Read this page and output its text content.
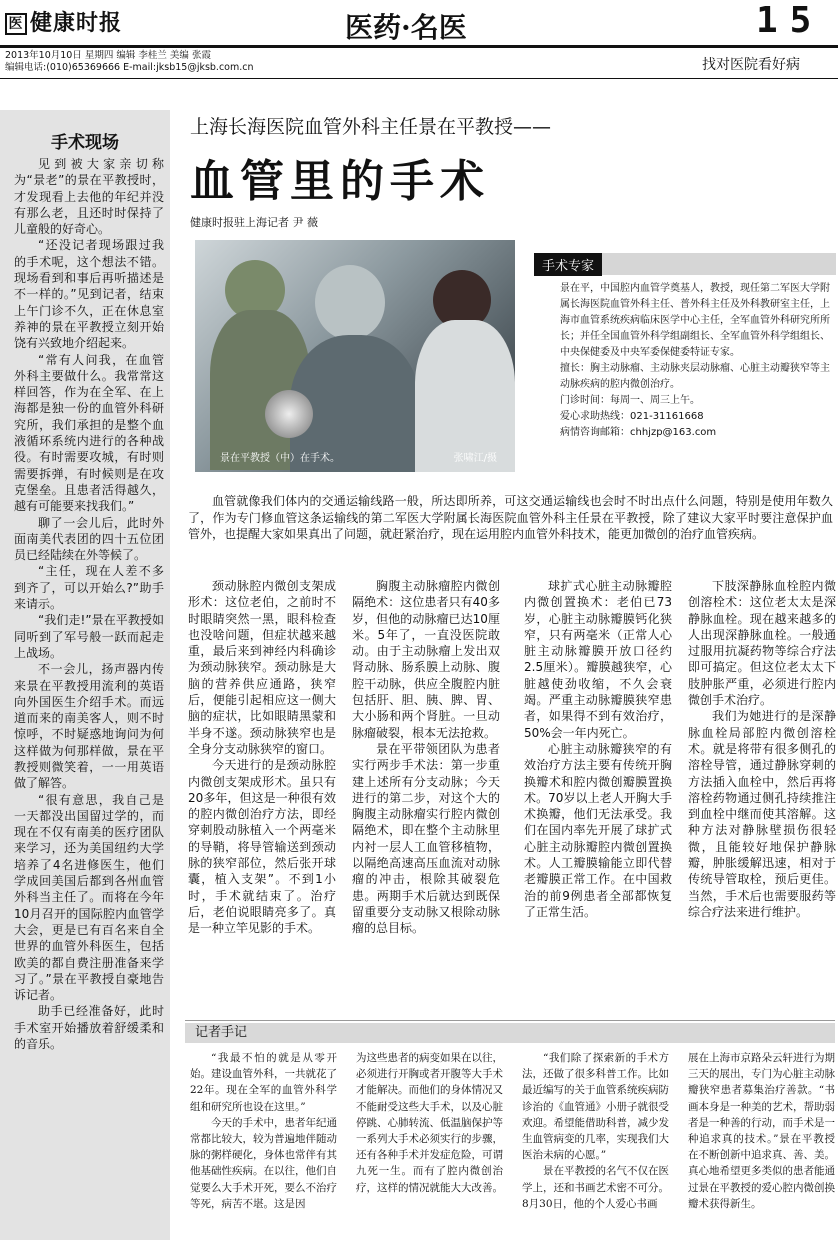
医 健康时报	医药·名医	15
2013年10月10日 星期四 编辑 李桂兰 美编 张霞
编辑电话:(010)65369666 E-mail:jksb15@jksb.com.cn	找对医院看好病
手术现场

见到被大家亲切称为“景老”的景在平教授时，才发现看上去他的年纪并没有那么老，且还时时保持了儿童般的好奇心。

“还没记者现场跟过我的手术呢，这个想法不错。现场看到和事后再听描述是不一样的。”见到记者，结束上午门诊不久，正在休息室养神的景在平教授立刻开始饶有兴致地介绍起来。

“常有人问我，在血管外科主要做什么。我常常这样回答，作为在全军、在上海都是独一份的血管外科研究所，我们承担的是整个血液循环系统内进行的各种战役。有时需要攻城，有时则需要拆弹，有时候则是在攻克堡垒。且患者活得越久，越有可能要来找我们。”

聊了一会儿后，此时外面南美代表团的四十五位团员已经陆续在外等候了。

“主任，现在人差不多到齐了，可以开始么?”助手来请示。

“我们走!”景在平教授如同听到了军号般一跃而起走上战场。

不一会儿，扬声器内传来景在平教授用流利的英语向外国医生介绍手术。而远道而来的南美客人，则不时惊呼，不时疑惑地询问为何这样做为何那样做，景在平教授则微笑着，一一用英语做了解答。

“很有意思，我自己是一天都没出国留过学的，而现在不仅有南美的医疗团队来学习，还为美国纽约大学培养了4名进修医生，他们学成回美国后都到各州血管外科当主任了。而将在今年10月召开的国际腔内血管学大会，更是已有百名来自全世界的血管外科医生，包括欧美的都自费注册准备来学习了。”景在平教授自豪地告诉记者。

助手已经准备好，此时手术室开始播放着舒缓柔和的音乐。

上海长海医院血管外科主任景在平教授——
血管里的手术
健康时报驻上海记者 尹 薇
景在平教授（中）在手术。	张啸江/摄
手术专家

景在平，中国腔内血管学奠基人，教授，现任第二军医大学附属长海医院血管外科主任、普外科主任及外科教研室主任，上海市血管系统疾病临床医学中心主任，全军血管外科研究所所长；并任全国血管外科学组副组长、全军血管外科学组组长、中央保健委及中央军委保健委特证专家。

擅长：胸主动脉瘤、主动脉夹层动脉瘤、心脏主动瓣狭窄等主动脉疾病的腔内微创治疗。

门诊时间：每周一、周三上午。

爱心求助热线：021-31161668

病情咨询邮箱：chhjzp@163.com

血管就像我们体内的交通运输线路一般，所达即所养，可这交通运输线也会时不时出点什么问题，特别是使用年数久了，作为专门修血管这条运输线的第二军医大学附属长海医院血管外科主任景在平教授，除了建议大家平时要注意保护血管外，也提醒大家如果真出了问题，就赶紧治疗，现在运用腔内血管外科技术，能更加微创的治疗血管疾病。

颈动脉腔内微创支架成形术：这位老伯，之前时不时眼睛突然一黑，眼科检查也没啥问题，但症状越来越重，最后来到神经内科确诊为颈动脉狭窄。颈动脉是大脑的营养供应通路，狭窄后，便能引起相应这一侧大脑的症状，比如眼睛黑蒙和半身不遂。颈动脉狭窄也是全身分支动脉狭窄的窗口。

今天进行的是颈动脉腔内微创支架成形术。虽只有20多年，但这是一种很有效的腔内微创治疗方法，即经穿刺股动脉植入一个两毫米的导鞘，将导管输送到颈动脉的狭窄部位，然后张开球囊，植入支架”。不到1小时，手术就结束了。治疗后，老伯说眼睛亮多了。真是一种立竿见影的手术。

胸腹主动脉瘤腔内微创隔绝术：这位患者只有40多岁，但他的动脉瘤已达10厘米。5年了，一直没医院敢动。由于主动脉瘤上发出双肾动脉、肠系膜上动脉、腹腔干动脉，供应全腹腔内脏包括肝、胆、胰、脾、胃、大小肠和两个肾脏。一旦动脉瘤破裂，根本无法抢救。

景在平带领团队为患者实行两步手术法：第一步重建上述所有分支动脉；今天进行的第二步，对这个大的胸腹主动脉瘤实行腔内微创隔绝术，即在整个主动脉里内衬一层人工血管移植物，以隔绝高速高压血流对动脉瘤的冲击，根除其破裂危患。两期手术后就达到既保留重要分支动脉又根除动脉瘤的总目标。

球扩式心脏主动脉瓣腔内微创置换术：老伯已73岁，心脏主动脉瓣膜钙化狭窄，只有两毫米（正常人心脏主动脉瓣膜开放口径约2.5厘米）。瓣膜越狭窄，心脏越使劲收缩，不久会衰竭。严重主动脉瓣膜狭窄患者，如果得不到有效治疗，50%会一年内死亡。

心脏主动脉瓣狭窄的有效治疗方法主要有传统开胸换瓣术和腔内微创瓣膜置换术。70岁以上老人开胸大手术换瓣，他们无法承受。我们在国内率先开展了球扩式心脏主动脉瓣腔内微创置换术。人工瓣膜输能立即代替老瓣膜正常工作。在中国救治的前9例患者全部都恢复了正常生活。

下肢深静脉血栓腔内微创溶栓术：这位老太太是深静脉血栓。现在越来越多的人出现深静脉血栓。一般通过服用抗凝药物等综合疗法即可搞定。但这位老太太下肢肿胀严重，必须进行腔内微创手术治疗。

我们为她进行的是深静脉血栓局部腔内微创溶栓术。就是将带有很多侧孔的溶栓导管，通过静脉穿刺的方法插入血栓中，然后再将溶栓药物通过侧孔持续推注到血栓中继而使其溶解。这种方法对静脉壁损伤很轻微，且能较好地保护静脉瓣，肿胀缓解迅速，相对于传统导管取栓，预后更佳。当然，手术后也需要服药等综合疗法来进行维护。

记者手记

“我最不怕的就是从零开始。建设血管外科，一共就花了22年。现在全军的血管外科学组和研究所也设在这里。”

今天的手术中，患者年纪通常都比较大，较为普遍地伴随动脉的粥样硬化，身体也常伴有其他基础性疾病。在以往，他们自觉要么大手术开死，要么不治疗等死，病苦不堪。这是因

为这些患者的病变如果在以往，必须进行开胸或者开腹等大手术才能解决。而他们的身体情况又不能耐受这些大手术，以及心脏停跳、心肺转流、低温脑保护等一系列大手术必须实行的步骤，还有各种手术并发症危险，可谓九死一生。而有了腔内微创治疗，这样的情况就能大大改善。

“我们除了探索新的手术方法，还做了很多科普工作。比如最近编写的关于血管系统疾病防诊治的《血管通》小册子就很受欢迎。希望能借助科普，减少发生血管病变的几率，实现我们大医治未病的心愿。”

景在平教授的名气不仅在医学上，还和书画艺术密不可分。8月30日，他的个人爱心书画

展在上海市京路朵云轩进行为期三天的展出，专门为心脏主动脉瓣狭窄患者募集治疗善款。“书画本身是一种美的艺术，帮助弱者是一种善的行动，而手术是一种追求真的技术。”景在平教授在不断创新中追求真、善、美。真心地希望更多类似的患者能通过景在平教授的爱心腔内微创换瓣术获得新生。
